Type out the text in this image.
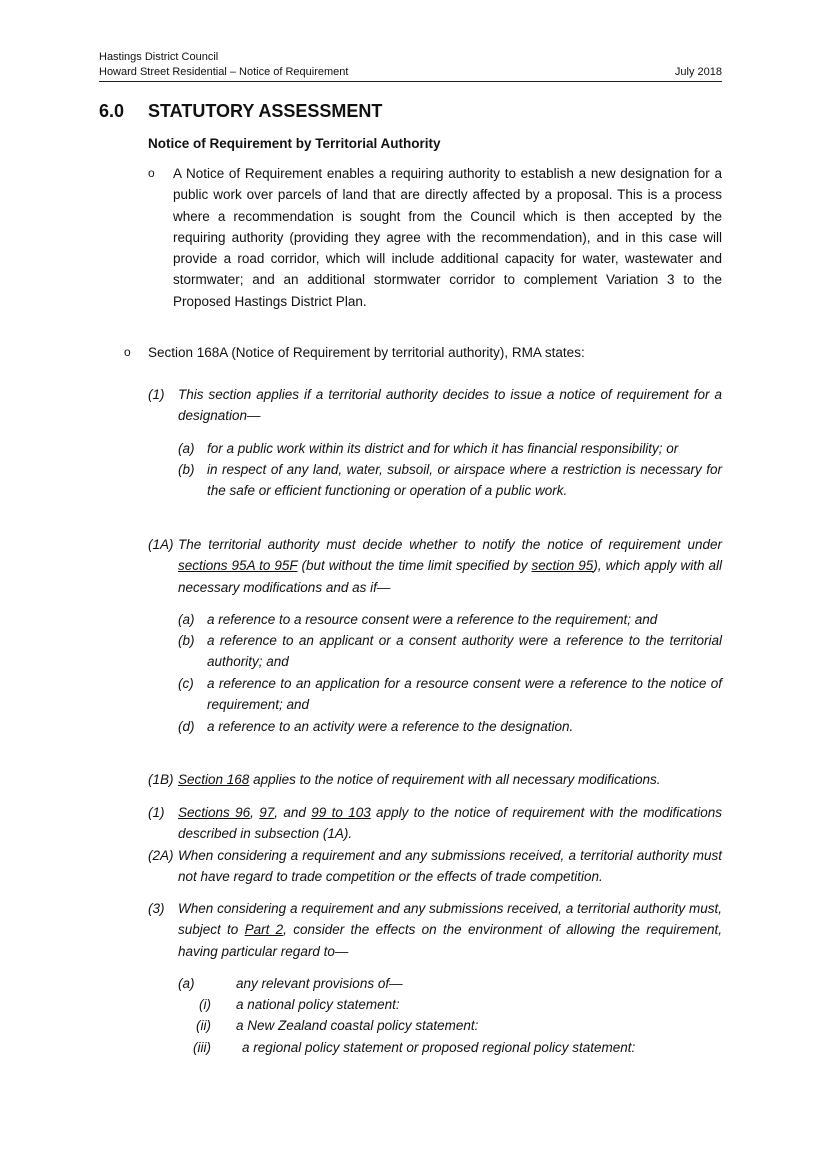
Hastings District Council
Howard Street Residential – Notice of Requirement	July 2018
6.0 STATUTORY ASSESSMENT
Notice of Requirement by Territorial Authority
o A Notice of Requirement enables a requiring authority to establish a new designation for a public work over parcels of land that are directly affected by a proposal. This is a process where a recommendation is sought from the Council which is then accepted by the requiring authority (providing they agree with the recommendation), and in this case will provide a road corridor, which will include additional capacity for water, wastewater and stormwater; and an additional stormwater corridor to complement Variation 3 to the Proposed Hastings District Plan.
o Section 168A (Notice of Requirement by territorial authority), RMA states:
(1) This section applies if a territorial authority decides to issue a notice of requirement for a designation—
(a) for a public work within its district and for which it has financial responsibility; or
(b) in respect of any land, water, subsoil, or airspace where a restriction is necessary for the safe or efficient functioning or operation of a public work.
(1A) The territorial authority must decide whether to notify the notice of requirement under sections 95A to 95F (but without the time limit specified by section 95), which apply with all necessary modifications and as if—
(a) a reference to a resource consent were a reference to the requirement; and
(b) a reference to an applicant or a consent authority were a reference to the territorial authority; and
(c) a reference to an application for a resource consent were a reference to the notice of requirement; and
(d) a reference to an activity were a reference to the designation.
(1B) Section 168 applies to the notice of requirement with all necessary modifications.
(1) Sections 96, 97, and 99 to 103 apply to the notice of requirement with the modifications described in subsection (1A).
(2A) When considering a requirement and any submissions received, a territorial authority must not have regard to trade competition or the effects of trade competition.
(3) When considering a requirement and any submissions received, a territorial authority must, subject to Part 2, consider the effects on the environment of allowing the requirement, having particular regard to—
(a)	any relevant provisions of—
(i) a national policy statement:
(ii) a New Zealand coastal policy statement:
(iii) a regional policy statement or proposed regional policy statement:
